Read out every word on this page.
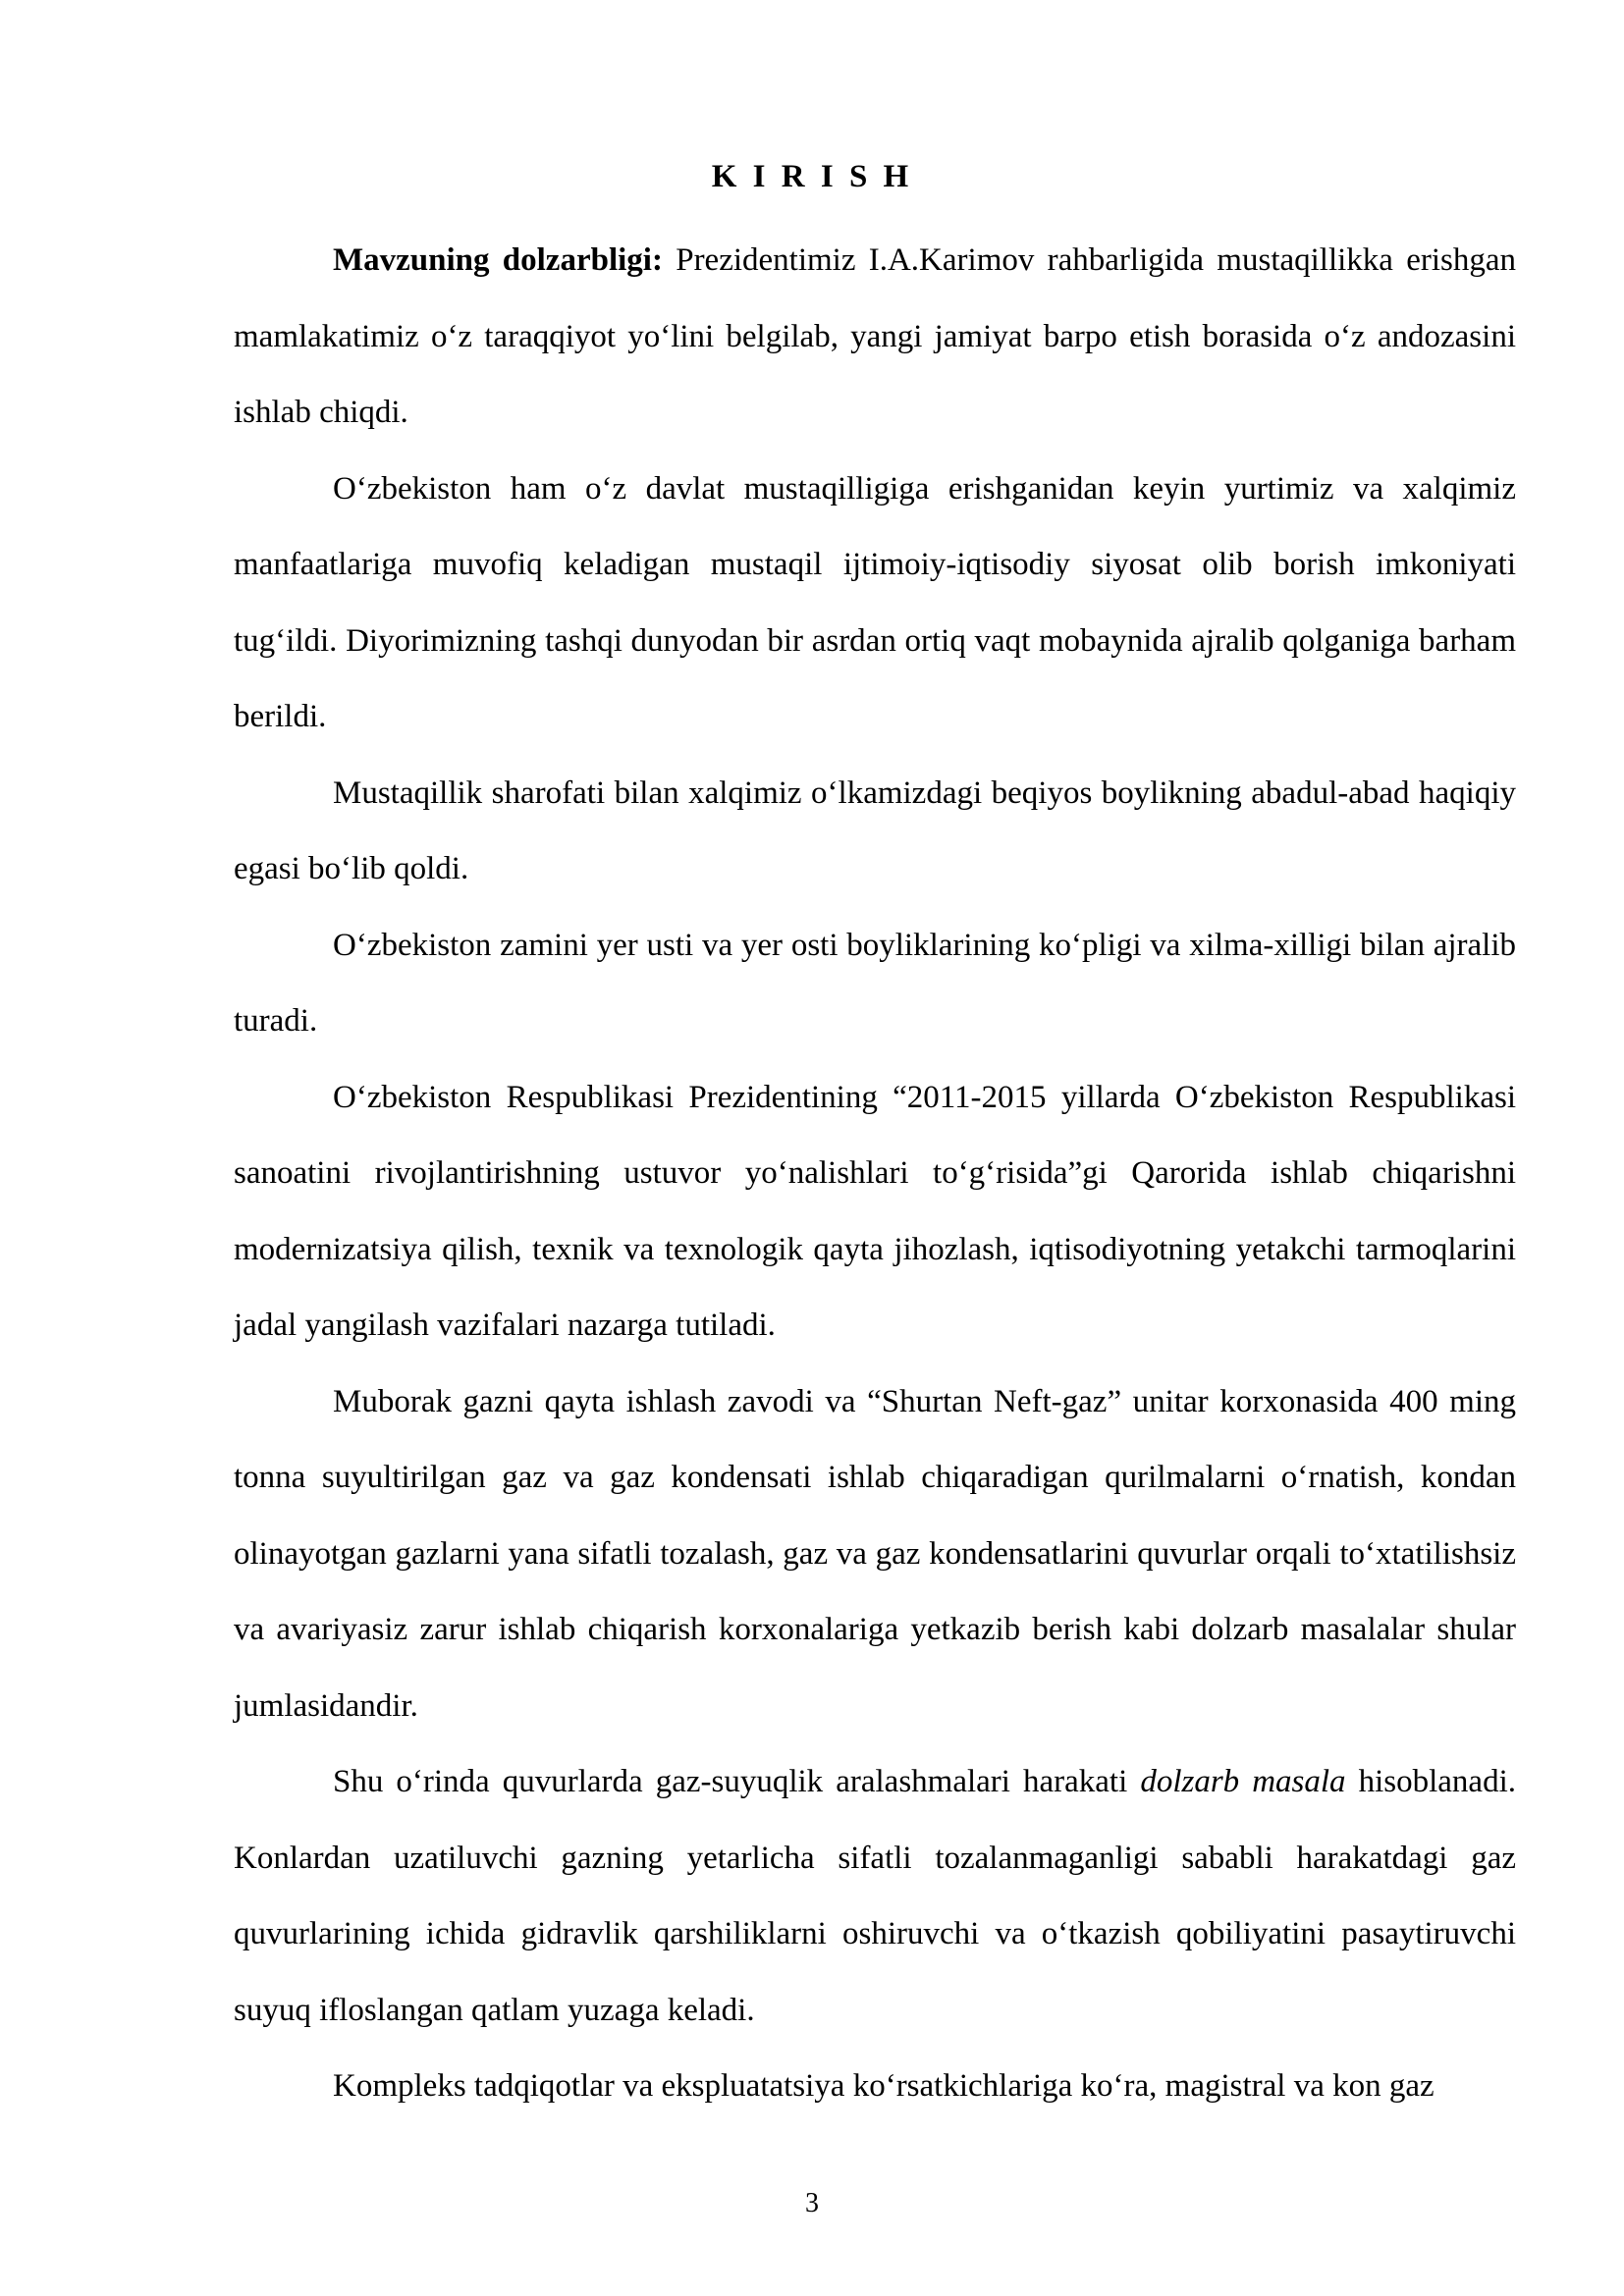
K I R I S H

Mavzuning dolzarbligi: Prezidentimiz I.A.Karimov rahbarligida mustaqillikka erishgan mamlakatimiz o‘z taraqqiyot yo‘lini belgilab, yangi jamiyat barpo etish borasida o‘z andozasini ishlab chiqdi.

O‘zbekiston ham o‘z davlat mustaqilligiga erishganidan keyin yurtimiz va xalqimiz manfaatlariga muvofiq keladigan mustaqil ijtimoiy-iqtisodiy siyosat olib borish imkoniyati tug‘ildi. Diyorimizning tashqi dunyodan bir asrdan ortiq vaqt mobaynida ajralib qolganiga barham berildi.

Mustaqillik sharofati bilan xalqimiz o‘lkamizdagi beqiyos boylikning abadul-abad haqiqiy egasi bo‘lib qoldi.

O‘zbekiston zamini yer usti va yer osti boyliklarining ko‘pligi va xilma-xilligi bilan ajralib turadi.

O‘zbekiston Respublikasi Prezidentining “2011-2015 yillarda O‘zbekiston Respublikasi sanoatini rivojlantirishning ustuvor yo‘nalishlari to‘g‘risida”gi Qarorida ishlab chiqarishni modernizatsiya qilish, texnik va texnologik qayta jihozlash, iqtisodiyotning yetakchi tarmoqlarini jadal yangilash vazifalari nazarga tutiladi.

Muborak gazni qayta ishlash zavodi va “Shurtan Neft-gaz” unitar korxonasida 400 ming tonna suyultirilgan gaz va gaz kondensati ishlab chiqaradigan qurilmalarni o‘rnatish, kondan olinayotgan gazlarni yana sifatli tozalash, gaz va gaz kondensatlarini quvurlar orqali to‘xtatilishsiz va avariyasiz zarur ishlab chiqarish korxonalariga yetkazib berish kabi dolzarb masalalar shular jumlasidandir.

Shu o‘rinda quvurlarda gaz-suyuqlik aralashmalari harakati dolzarb masala hisoblanadi. Konlardan uzatiluvchi gazning yetarlicha sifatli tozalanmaganligi sababli harakatdagi gaz quvurlarining ichida gidravlik qarshiliklarni oshiruvchi va o‘tkazish qobiliyatini pasaytiruvchi suyuq ifloslangan qatlam yuzaga keladi.

Kompleks tadqiqotlar va ekspluatatsiya ko‘rsatkichlariga ko‘ra, magistral va kon gaz

3
